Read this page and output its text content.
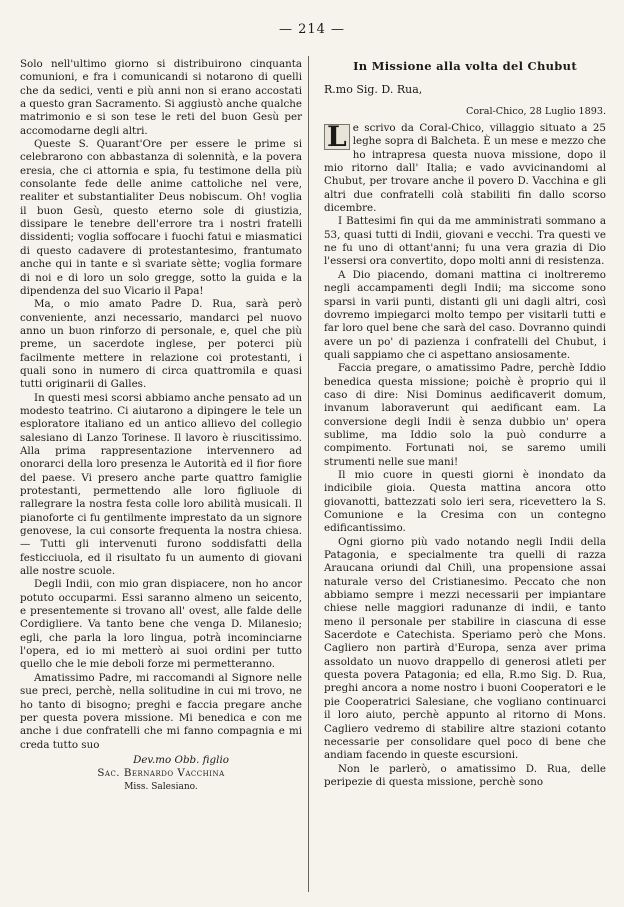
— 214 —

Solo nell'ultimo giorno si distribuirono cinquanta comunioni, e fra i comunicandi si notarono di quelli che da sedici, venti e più anni non si erano accostati a questo gran Sacramento. Si aggiustò anche qualche matrimonio e si son tese le reti del buon Gesù per accomodarne degli altri.

Queste S. Quarant'Ore per essere le prime si celebrarono con abbastanza di solennità, e la povera eresia, che ci attornia e spia, fu testimone della più consolante fede delle anime cattoliche nel vere, realiter et substantialiter Deus nobiscum. Oh! voglia il buon Gesù, questo eterno sole di giustizia, dissipare le tenebre dell'errore tra i nostri fratelli dissidenti; voglia soffocare i fuochi fatui e miasmatici di questo cadavere di protestantesimo, frantumato anche qui in tante e sì svariate sètte; voglia formare di noi e di loro un solo gregge, sotto la guida e la dipendenza del suo Vicario il Papa!

Ma, o mio amato Padre D. Rua, sarà però conveniente, anzi necessario, mandarci pel nuovo anno un buon rinforzo di personale, e, quel che più preme, un sacerdote inglese, per poterci più facilmente mettere in relazione coi protestanti, i quali sono in numero di circa quattromila e quasi tutti originarii di Galles.

In questi mesi scorsi abbiamo anche pensato ad un modesto teatrino. Ci aiutarono a dipingere le tele un esploratore italiano ed un antico allievo del collegio salesiano di Lanzo Torinese. Il lavoro è riuscitissimo. Alla prima rappresentazione intervennero ad onorarci della loro presenza le Autorità ed il fior fiore del paese. Vi presero anche parte quattro famiglie protestanti, permettendo alle loro figliuole di rallegrare la nostra festa colle loro abilità musicali. Il pianoforte ci fu gentilmente imprestato da un signore genovese, la cui consorte frequenta la nostra chiesa. — Tutti gli intervenuti furono soddisfatti della festicciuola, ed il risultato fu un aumento di giovani alle nostre scuole.

Degli Indii, con mio gran dispiacere, non ho ancor potuto occuparmi. Essi saranno almeno un seicento, e presentemente si trovano all' ovest, alle falde delle Cordigliere. Va tanto bene che venga D. Milanesio; egli, che parla la loro lingua, potrà incominciarne l'opera, ed io mi metterò ai suoi ordini per tutto quello che le mie deboli forze mi permetteranno.

Amatissimo Padre, mi raccomandi al Signore nelle sue preci, perchè, nella solitudine in cui mi trovo, ne ho tanto di bisogno; preghi e faccia pregare anche per questa povera missione. Mi benedica e con me anche i due confratelli che mi fanno compagnia e mi creda tutto suo

Dev.mo Obb. figlio
Sac. Bernardo Vacchina
Miss. Salesiano.
In Missione alla volta del Chubut

R.mo Sig. D. Rua,

Coral-Chico, 28 Luglio 1893.

L e scrivo da Coral-Chico, villaggio situato a 25 leghe sopra di Balcheta. È un mese e mezzo che ho intrapresa questa nuova missione, dopo il mio ritorno dall' Italia; e vado avvicinandomi al Chubut, per trovare anche il povero D. Vacchina e gli altri due confratelli colà stabiliti fin dallo scorso dicembre.

I Battesimi fin qui da me amministrati sommano a 53, quasi tutti di Indii, giovani e vecchi. Tra questi ve ne fu uno di ottant'anni; fu una vera grazia di Dio l'essersi ora convertito, dopo molti anni di resistenza.

A Dio piacendo, domani mattina ci inoltreremo negli accampamenti degli Indii; ma siccome sono sparsi in varii punti, distanti gli uni dagli altri, così dovremo impiegarci molto tempo per visitarli tutti e far loro quel bene che sarà del caso. Dovranno quindi avere un po' di pazienza i confratelli del Chubut, i quali sappiamo che ci aspettano ansiosamente.

Faccia pregare, o amatissimo Padre, perchè Iddio benedica questa missione; poichè è proprio qui il caso di dire: Nisi Dominus aedificaverit domum, invanum laboraverunt qui aedificant eam. La conversione degli Indii è senza dubbio un' opera sublime, ma Iddio solo la può condurre a compimento. Fortunati noi, se saremo umili strumenti nelle sue mani!

Il mio cuore in questi giorni è inondato da indicibile gioia. Questa mattina ancora otto giovanotti, battezzati solo ieri sera, ricevettero la S. Comunione e la Cresima con un contegno edificantissimo.

Ogni giorno più vado notando negli Indii della Patagonia, e specialmente tra quelli di razza Araucana oriundi dal Chilì, una propensione assai naturale verso del Cristianesimo. Peccato che non abbiamo sempre i mezzi necessarii per impiantare chiese nelle maggiori radunanze di indii, e tanto meno il personale per stabilire in ciascuna di esse Sacerdote e Catechista. Speriamo però che Mons. Cagliero non partirà d'Europa, senza aver prima assoldato un nuovo drappello di generosi atleti per questa povera Patagonia; ed ella, R.mo Sig. D. Rua, preghi ancora a nome nostro i buoni Cooperatori e le pie Cooperatrici Salesiane, che vogliano continuarci il loro aiuto, perchè appunto al ritorno di Mons. Cagliero vedremo di stabilire altre stazioni cotanto necessarie per consolidare quel poco di bene che andiam facendo in queste escursioni.

Non le parlerò, o amatissimo D. Rua, delle peripezie di questa missione, perchè sono
